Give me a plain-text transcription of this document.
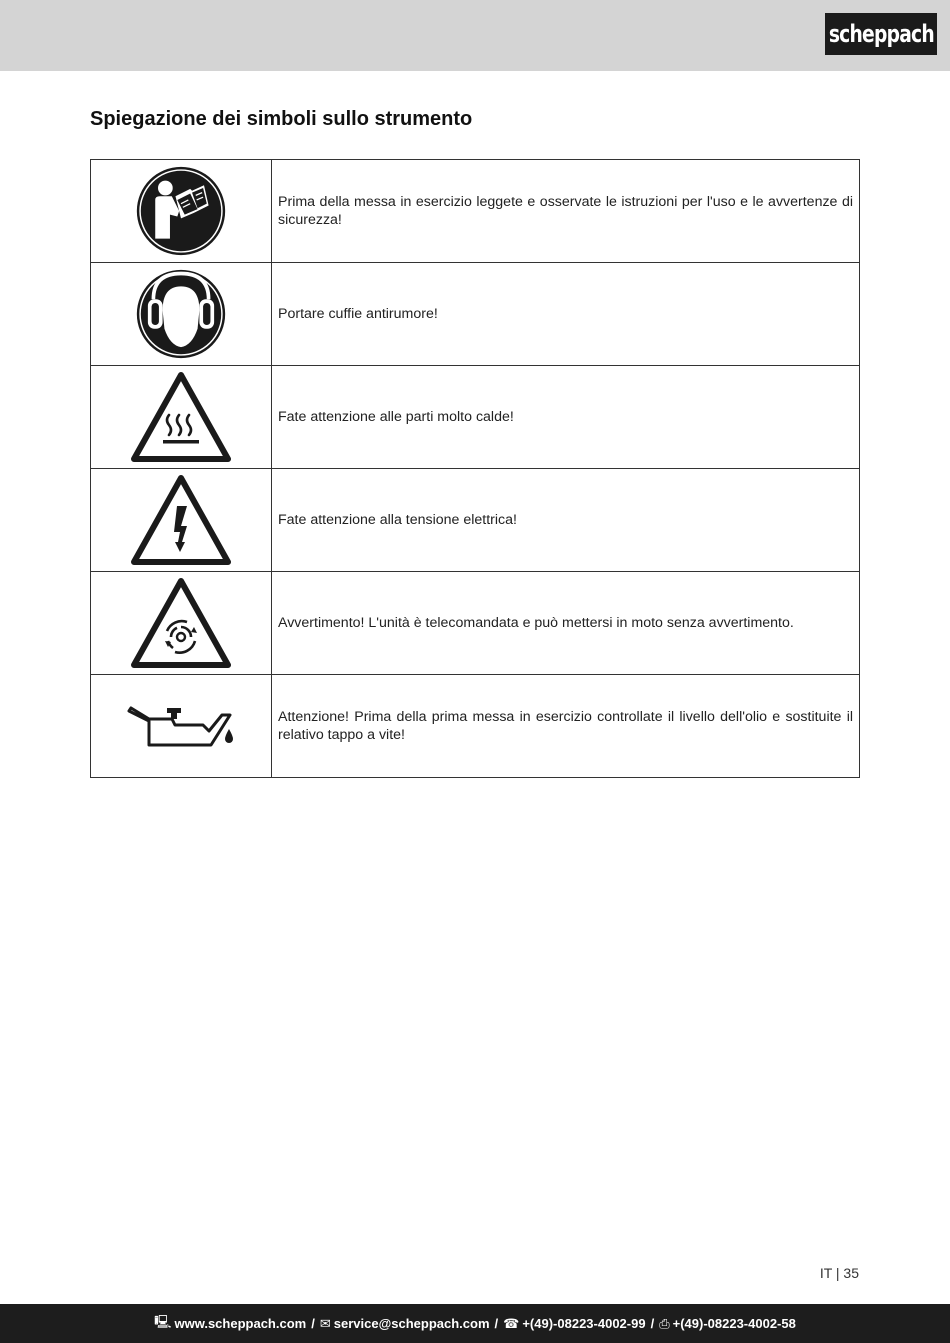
scheppach
Spiegazione dei simboli sullo strumento
	Prima della messa in esercizio leggete e osservate le istruzioni per l'uso e le avvertenze di sicurezza!

	Portare cuffie antirumore!

	Fate attenzione alle parti molto calde!

	Fate attenzione alla tensione elettrica!

	Avvertimento! L'unità è telecomandata e può mettersi in moto senza avvertimento.

	Attenzione! Prima della prima messa in esercizio controllate il livello dell'olio e sostituite il relativo tappo a vite!
IT | 35
🖳 www.scheppach.com / ✉ service@scheppach.com / ☎ +(49)-08223-4002-99 / ⎙ +(49)-08223-4002-58
